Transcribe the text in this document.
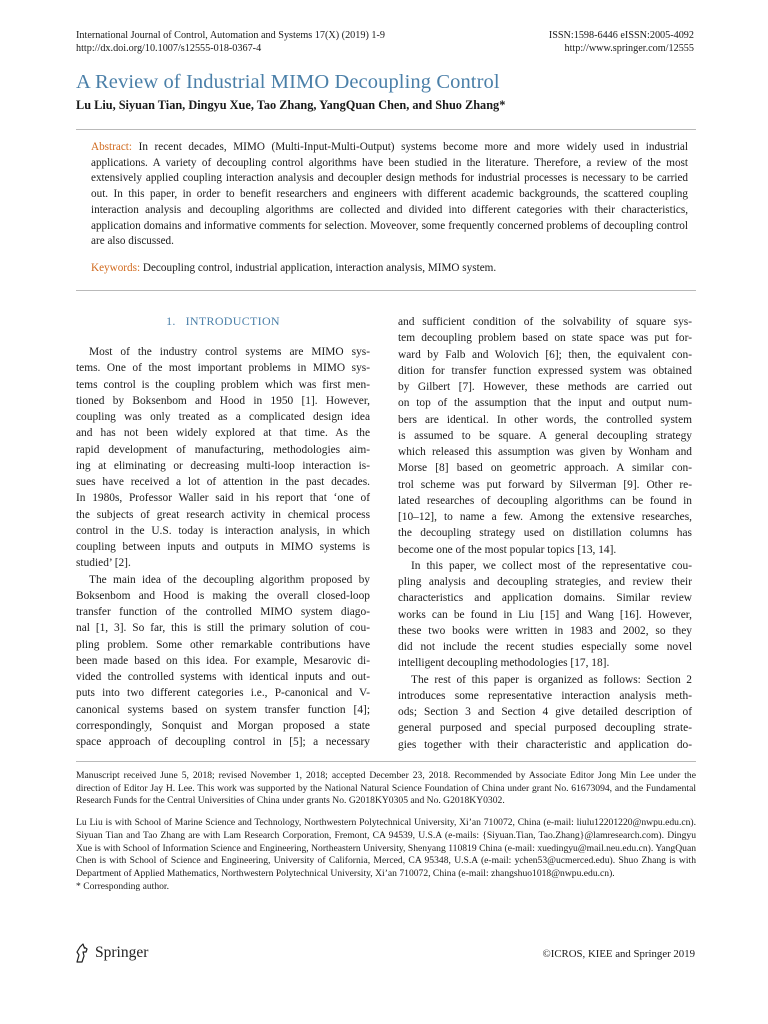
International Journal of Control, Automation and Systems 17(X) (2019) 1-9
http://dx.doi.org/10.1007/s12555-018-0367-4
ISSN:1598-6446 eISSN:2005-4092
http://www.springer.com/12555
A Review of Industrial MIMO Decoupling Control
Lu Liu, Siyuan Tian, Dingyu Xue, Tao Zhang, YangQuan Chen, and Shuo Zhang*
Abstract: In recent decades, MIMO (Multi-Input-Multi-Output) systems become more and more widely used in industrial applications. A variety of decoupling control algorithms have been studied in the literature. Therefore, a review of the most extensively applied coupling interaction analysis and decoupler design methods for industrial processes is necessary to be carried out. In this paper, in order to benefit researchers and engineers with different academic backgrounds, the scattered coupling interaction analysis and decoupling algorithms are collected and divided into different categories with their characteristics, application domains and informative comments for selection. Moveover, some frequently concerned problems of decoupling control are also discussed.
Keywords: Decoupling control, industrial application, interaction analysis, MIMO system.
1. INTRODUCTION

Most of the industry control systems are MIMO sys-

tems. One of the most important problems in MIMO sys-

tems control is the coupling problem which was first men-

tioned by Boksenbom and Hood in 1950 [1]. However,

coupling was only treated as a complicated design idea

and has not been widely explored at that time. As the

rapid development of manufacturing, methodologies aim-

ing at eliminating or decreasing multi-loop interaction is-

sues have received a lot of attention in the past decades.

In 1980s, Professor Waller said in his report that ‘one of

the subjects of great research activity in chemical process

control in the U.S. today is interaction analysis, in which

coupling between inputs and outputs in MIMO systems is

studied’ [2].

The main idea of the decoupling algorithm proposed by

Boksenbom and Hood is making the overall closed-loop

transfer function of the controlled MIMO system diago-

nal [1, 3]. So far, this is still the primary solution of cou-

pling problem. Some other remarkable contributions have

been made based on this idea. For example, Mesarovic di-

vided the controlled systems with identical inputs and out-

puts into two different categories i.e., P-canonical and V-

canonical systems based on system transfer function [4];

correspondingly, Sonquist and Morgan proposed a state

space approach of decoupling control in [5]; a necessary

and sufficient condition of the solvability of square sys-

tem decoupling problem based on state space was put for-

ward by Falb and Wolovich [6]; then, the equivalent con-

dition for transfer function expressed system was obtained

by Gilbert [7]. However, these methods are carried out

on top of the assumption that the input and output num-

bers are identical. In other words, the controlled system

is assumed to be square. A general decoupling strategy

which released this assumption was given by Wonham and

Morse [8] based on geometric approach. A similar con-

trol scheme was put forward by Silverman [9]. Other re-

lated researches of decoupling algorithms can be found in

[10–12], to name a few. Among the extensive researches,

the decoupling strategy used on distillation columns has

become one of the most popular topics [13, 14].

In this paper, we collect most of the representative cou-

pling analysis and decoupling strategies, and review their

characteristics and application domains. Similar review

works can be found in Liu [15] and Wang [16]. However,

these two books were written in 1983 and 2002, so they

did not include the recent studies especially some novel

intelligent decoupling methodologies [17, 18].

The rest of this paper is organized as follows: Section 2

introduces some representative interaction analysis meth-

ods; Section 3 and Section 4 give detailed description of

general purposed and special purposed decoupling strate-

gies together with their characteristic and application do-

Manuscript received June 5, 2018; revised November 1, 2018; accepted December 23, 2018. Recommended by Associate Editor Jong Min Lee under the direction of Editor Jay H. Lee. This work was supported by the National Natural Science Foundation of China under grant No. 61673094, and the Fundamental Research Funds for the Central Universities of China under grants No. G2018KY0305 and No. G2018KY0302.

Lu Liu is with School of Marine Science and Technology, Northwestern Polytechnical University, Xi’an 710072, China (e-mail: liulu12201220@nwpu.edu.cn). Siyuan Tian and Tao Zhang are with Lam Research Corporation, Fremont, CA 94539, U.S.A (e-mails: {Siyuan.Tian, Tao.Zhang}@lamresearch.com). Dingyu Xue is with School of Information Science and Engineering, Northeastern University, Shenyang 110819 China (e-mail: xuedingyu@mail.neu.edu.cn). YangQuan Chen is with School of Science and Engineering, University of California, Merced, CA 95348, U.S.A (e-mail: ychen53@ucmerced.edu). Shuo Zhang is with Department of Applied Mathematics, Northwestern Polytechnical University, Xi’an 710072, China (e-mail: zhangshuo1018@nwpu.edu.cn).

* Corresponding author.

Springer	©ICROS, KIEE and Springer 2019
